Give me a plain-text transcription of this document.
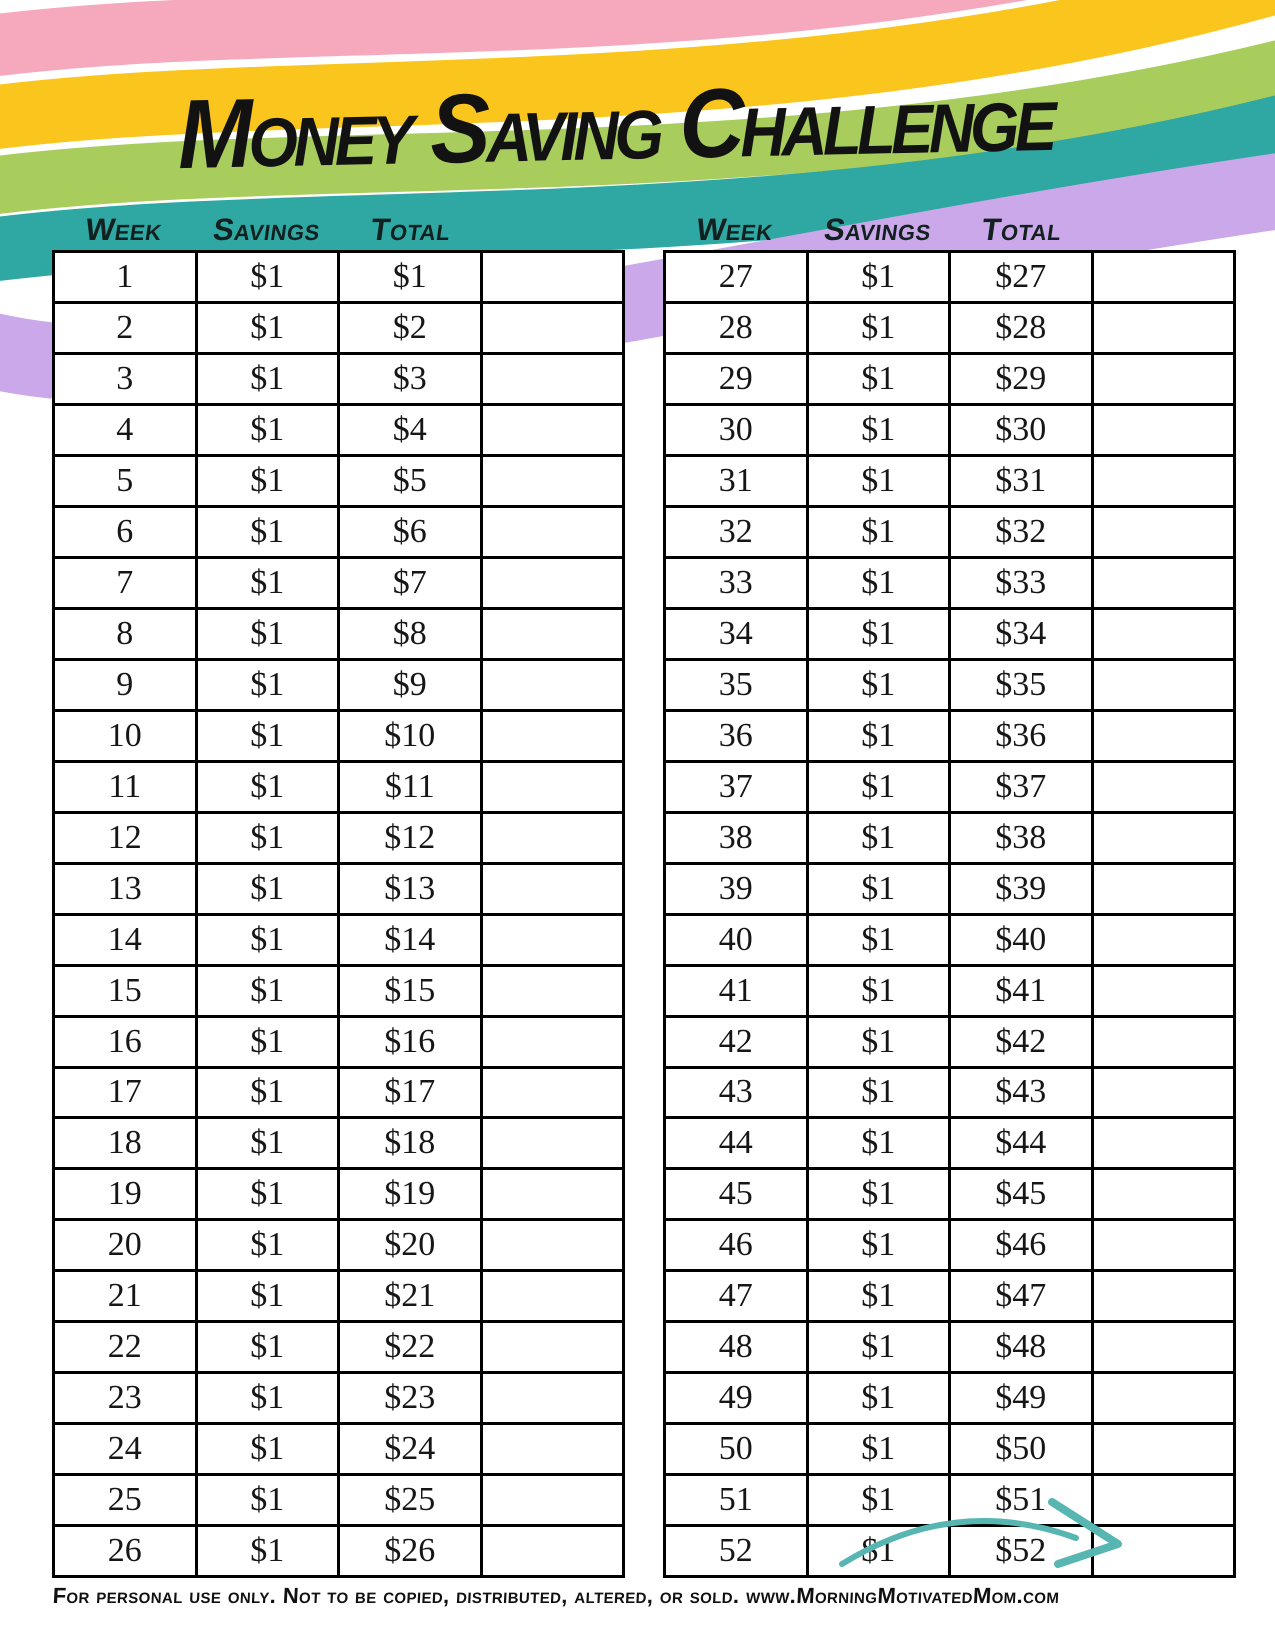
Money Saving Challenge
Week	Savings	Total	Week	Savings	Total
1	$1	$1
2	$1	$2
3	$1	$3
4	$1	$4
5	$1	$5
6	$1	$6
7	$1	$7
8	$1	$8
9	$1	$9
10	$1	$10
11	$1	$11
12	$1	$12
13	$1	$13
14	$1	$14
15	$1	$15
16	$1	$16
17	$1	$17
18	$1	$18
19	$1	$19
20	$1	$20
21	$1	$21
22	$1	$22
23	$1	$23
24	$1	$24
25	$1	$25
26	$1	$26
27	$1	$27
28	$1	$28
29	$1	$29
30	$1	$30
31	$1	$31
32	$1	$32
33	$1	$33
34	$1	$34
35	$1	$35
36	$1	$36
37	$1	$37
38	$1	$38
39	$1	$39
40	$1	$40
41	$1	$41
42	$1	$42
43	$1	$43
44	$1	$44
45	$1	$45
46	$1	$46
47	$1	$47
48	$1	$48
49	$1	$49
50	$1	$50
51	$1	$51
52	$1	$52
For personal use only. Not to be copied, distributed, altered, or sold. www.MorningMotivatedMom.com
